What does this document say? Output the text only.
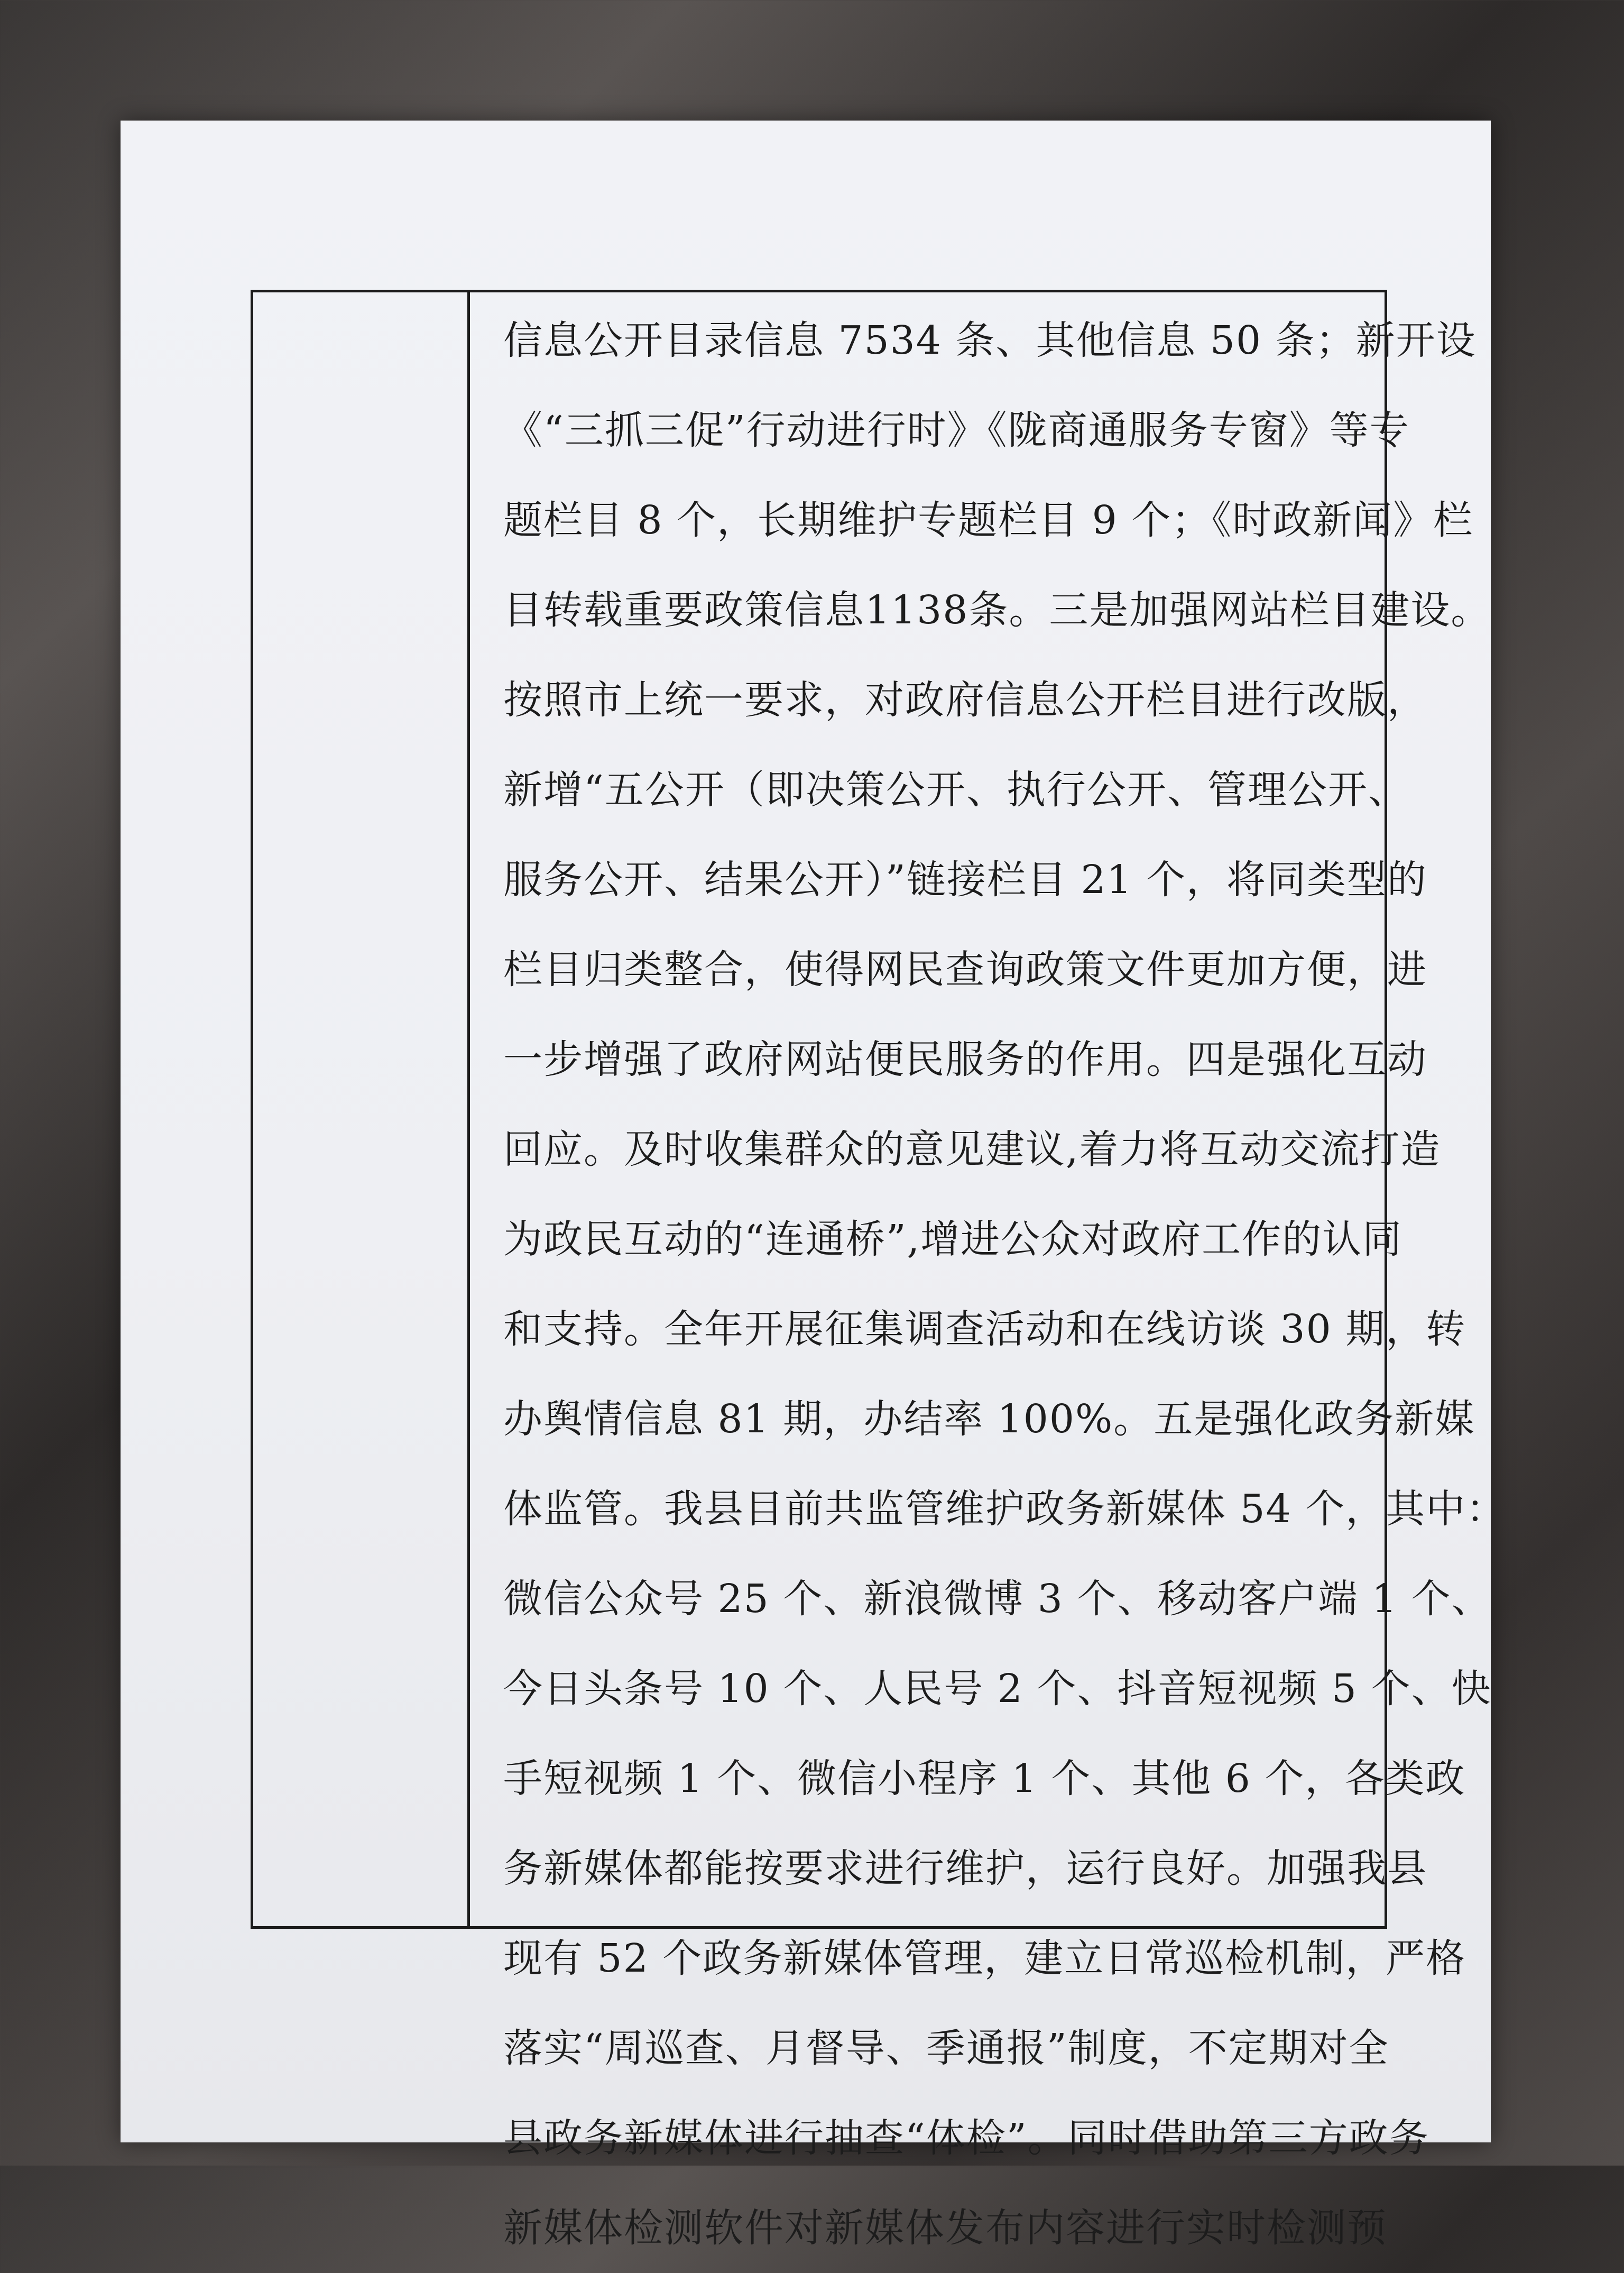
信息公开目录信息 7534 条、其他信息 50 条；新开设
《“三抓三促”行动进行时》《陇商通服务专窗》等专
题栏目 8 个，长期维护专题栏目 9 个；《时政新闻》栏
目转载重要政策信息1138条。三是加强网站栏目建设。
按照市上统一要求，对政府信息公开栏目进行改版，
新增“五公开（即决策公开、执行公开、管理公开、
服务公开、结果公开）”链接栏目 21 个，将同类型的
栏目归类整合，使得网民查询政策文件更加方便，进
一步增强了政府网站便民服务的作用。四是强化互动
回应。及时收集群众的意见建议,着力将互动交流打造
为政民互动的“连通桥”,增进公众对政府工作的认同
和支持。全年开展征集调查活动和在线访谈 30 期，转
办舆情信息 81 期，办结率 100%。五是强化政务新媒
体监管。我县目前共监管维护政务新媒体 54 个，其中：
微信公众号 25 个、新浪微博 3 个、移动客户端 1 个、
今日头条号 10 个、人民号 2 个、抖音短视频 5 个、快
手短视频 1 个、微信小程序 1 个、其他 6 个，各类政
务新媒体都能按要求进行维护，运行良好。加强我县
现有 52 个政务新媒体管理，建立日常巡检机制，严格
落实“周巡查、月督导、季通报”制度，不定期对全
县政务新媒体进行抽查“体检”。同时借助第三方政务
新媒体检测软件对新媒体发布内容进行实时检测预
